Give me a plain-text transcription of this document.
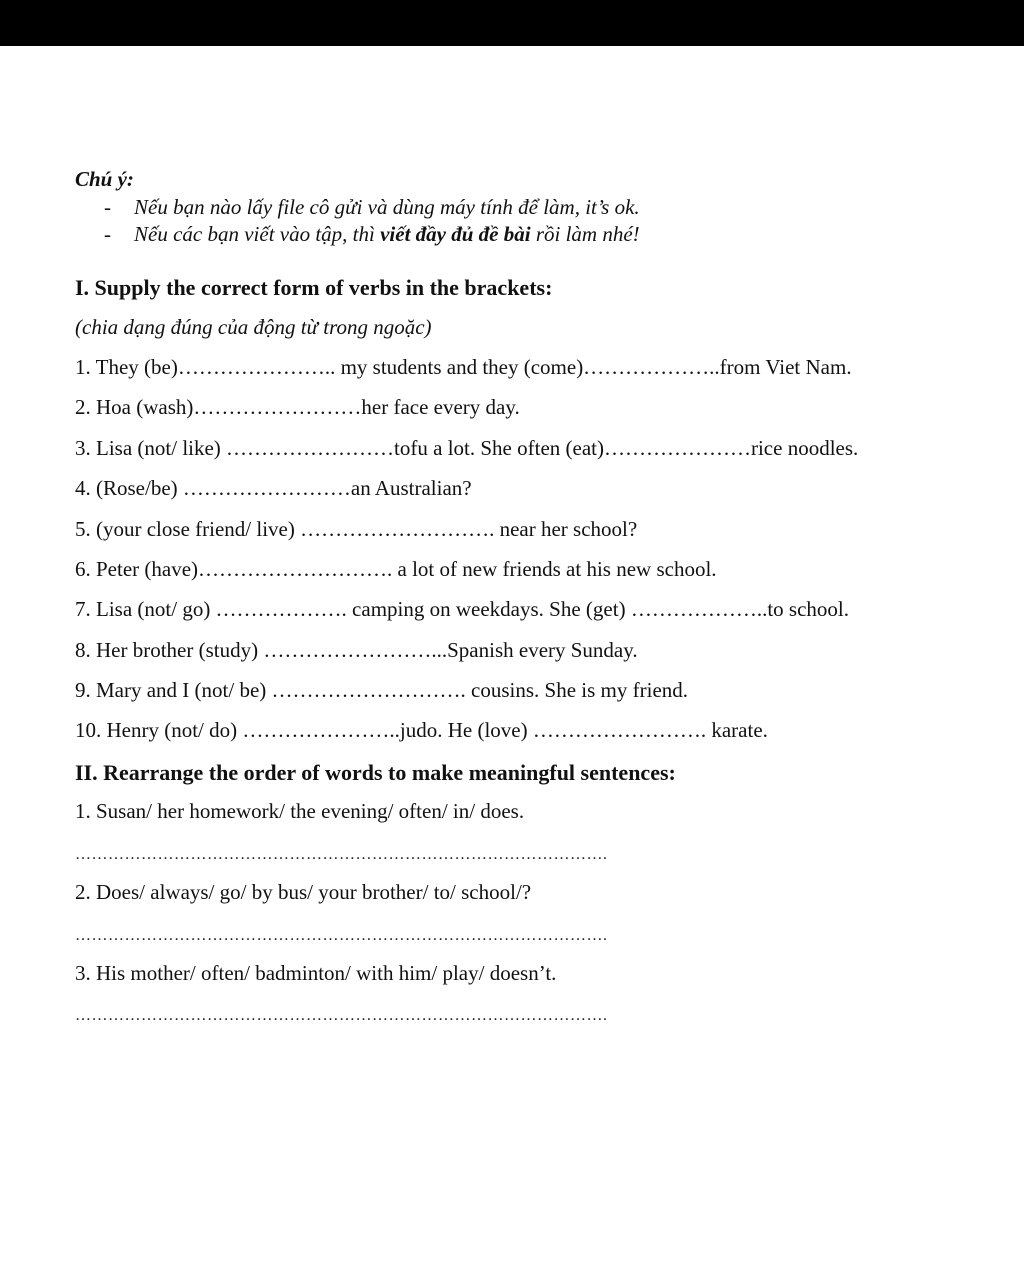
Chú ý:
- Nếu bạn nào lấy file cô gửi và dùng máy tính để làm, it’s ok.
- Nếu các bạn viết vào tập, thì viết đầy đủ đề bài rồi làm nhé!
I. Supply the correct form of verbs in the brackets:
(chia dạng đúng của động từ trong ngoặc)
1. They (be)………………….. my students and they (come)………………..from Viet Nam.
2. Hoa (wash)……………………her face every day.
3. Lisa (not/ like) ……………………tofu a lot. She often (eat)…………………rice noodles.
4. (Rose/be) ……………………an Australian?
5. (your close friend/ live) ………………………. near her school?
6. Peter (have)………………………. a lot of new friends at his new school.
7. Lisa (not/ go) ………………. camping on weekdays. She (get) ………………..to school.
8. Her brother (study) ……………………...Spanish every Sunday.
9. Mary and I (not/ be) ………………………. cousins. She is my friend.
10. Henry (not/ do) …………………..judo. He (love) ……………………. karate.
II. Rearrange the order of words to make meaningful sentences:
1. Susan/ her homework/ the evening/ often/ in/ does.
…………………………………………………………………………………….
2. Does/ always/ go/ by bus/ your brother/ to/ school/?
…………………………………………………………………………………….
3. His mother/ often/ badminton/ with him/ play/ doesn’t.
…………………………………………………………………………………….
